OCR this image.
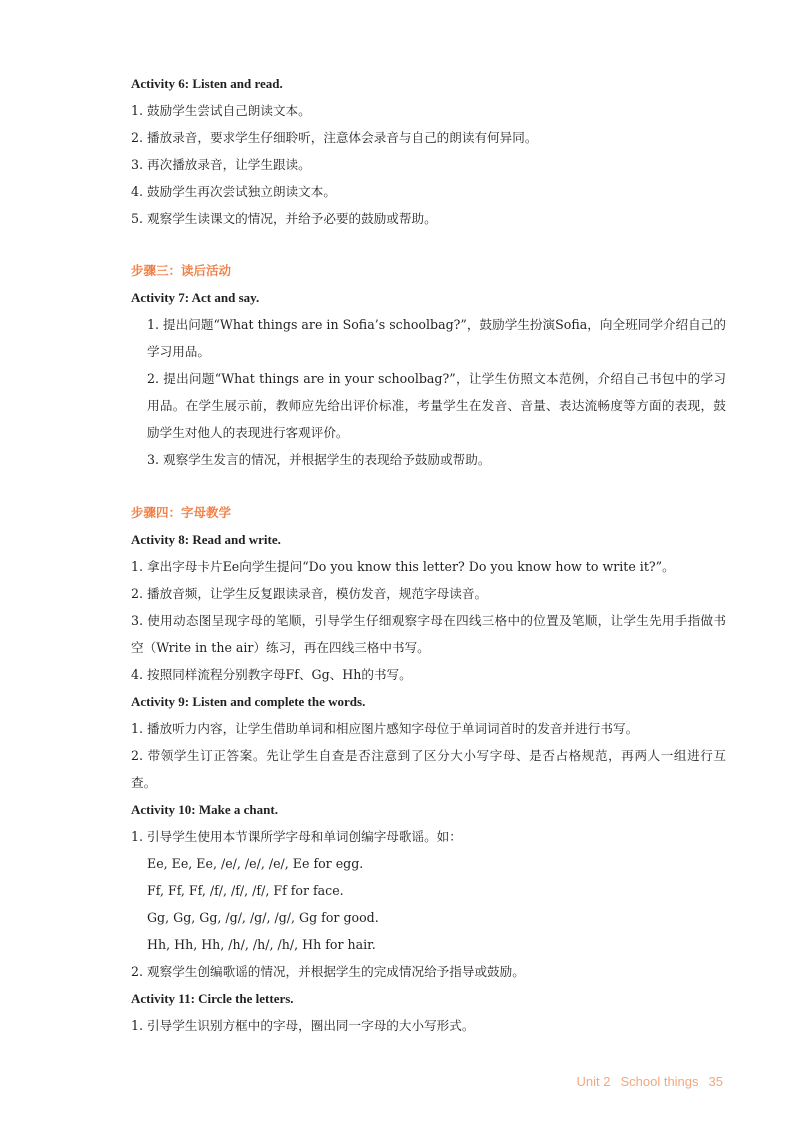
Activity 6: Listen and read.

1. 鼓励学生尝试自己朗读文本。

2. 播放录音，要求学生仔细聆听，注意体会录音与自己的朗读有何异同。

3. 再次播放录音，让学生跟读。

4. 鼓励学生再次尝试独立朗读文本。

5. 观察学生读课文的情况，并给予必要的鼓励或帮助。

步骤三：读后活动

Activity 7: Act and say.

1. 提出问题“What things are in Sofia’s schoolbag?”，鼓励学生扮演Sofia，向全班同学介绍自己的学习用品。

2. 提出问题“What things are in your schoolbag?”，让学生仿照文本范例，介绍自己书包中的学习用品。在学生展示前，教师应先给出评价标准，考量学生在发音、音量、表达流畅度等方面的表现，鼓励学生对他人的表现进行客观评价。

3. 观察学生发言的情况，并根据学生的表现给予鼓励或帮助。

步骤四：字母教学

Activity 8: Read and write.

1. 拿出字母卡片Ee向学生提问“Do you know this letter? Do you know how to write it?”。

2. 播放音频，让学生反复跟读录音，模仿发音，规范字母读音。

3. 使用动态图呈现字母的笔顺，引导学生仔细观察字母在四线三格中的位置及笔顺，让学生先用手指做书空（Write in the air）练习，再在四线三格中书写。

4. 按照同样流程分别教字母Ff、Gg、Hh的书写。

Activity 9: Listen and complete the words.

1. 播放听力内容，让学生借助单词和相应图片感知字母位于单词词首时的发音并进行书写。

2. 带领学生订正答案。先让学生自查是否注意到了区分大小写字母、是否占格规范，再两人一组进行互查。

Activity 10: Make a chant.

1. 引导学生使用本节课所学字母和单词创编字母歌谣。如：

Ee, Ee, Ee, /e/, /e/, /e/, Ee for egg.

Ff, Ff, Ff, /f/, /f/, /f/, Ff for face.

Gg, Gg, Gg, /g/, /g/, /g/, Gg for good.

Hh, Hh, Hh, /h/, /h/, /h/, Hh for hair.

2. 观察学生创编歌谣的情况，并根据学生的完成情况给予指导或鼓励。

Activity 11: Circle the letters.

1. 引导学生识别方框中的字母，圈出同一字母的大小写形式。

Unit 2 School things 35
